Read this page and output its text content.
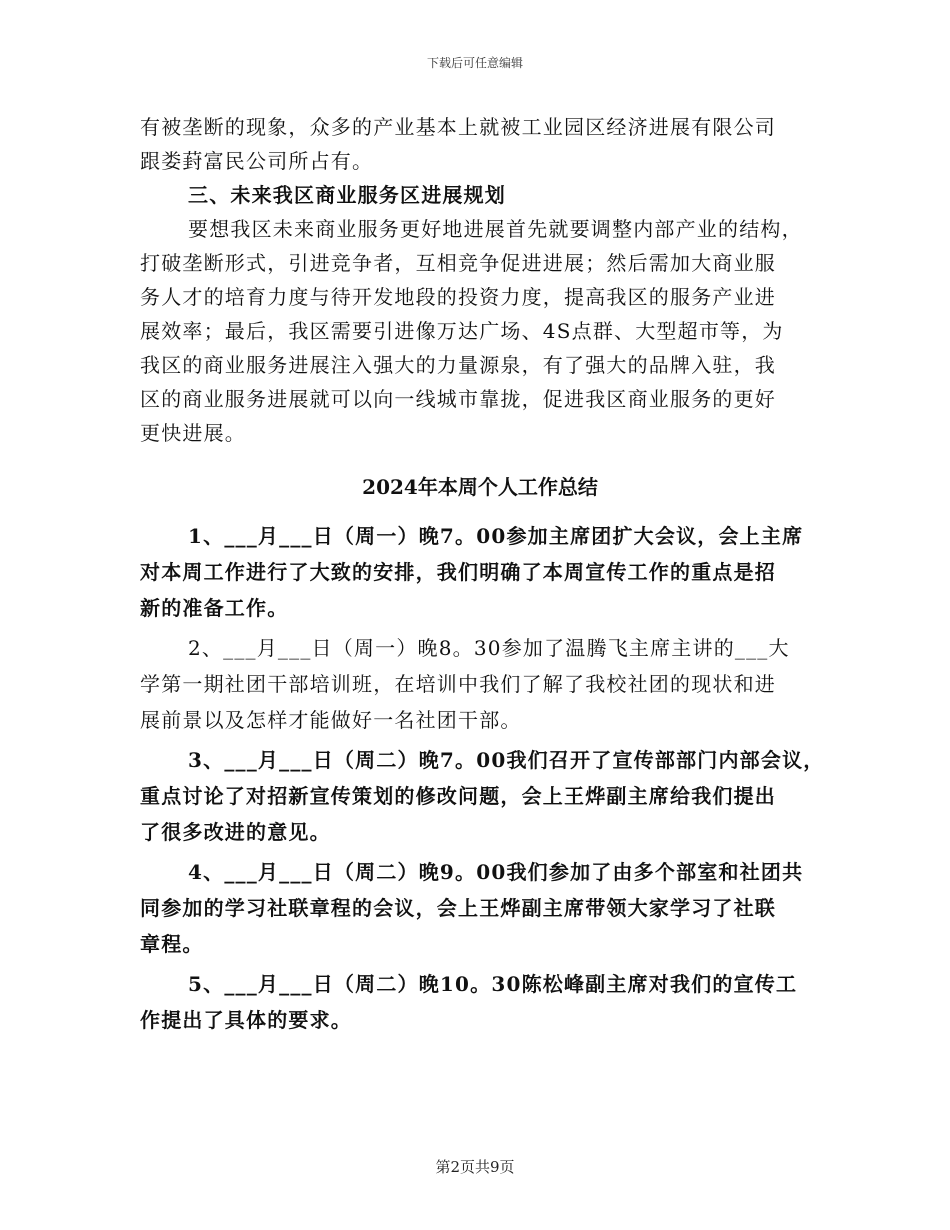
下载后可任意编辑
有被垄断的现象，众多的产业基本上就被工业园区经济进展有限公司
跟娄葑富民公司所占有。
三、未来我区商业服务区进展规划
要想我区未来商业服务更好地进展首先就要调整内部产业的结构，
打破垄断形式，引进竞争者，互相竞争促进进展；然后需加大商业服
务人才的培育力度与待开发地段的投资力度，提高我区的服务产业进
展效率；最后，我区需要引进像万达广场、4S点群、大型超市等，为
我区的商业服务进展注入强大的力量源泉，有了强大的品牌入驻，我
区的商业服务进展就可以向一线城市靠拢，促进我区商业服务的更好
更快进展。
2024年本周个人工作总结
1、___月___日（周一）晚7。00参加主席团扩大会议，会上主席
对本周工作进行了大致的安排，我们明确了本周宣传工作的重点是招
新的准备工作。
2、___月___日（周一）晚8。30参加了温腾飞主席主讲的___大
学第一期社团干部培训班，在培训中我们了解了我校社团的现状和进
展前景以及怎样才能做好一名社团干部。
3、___月___日（周二）晚7。00我们召开了宣传部部门内部会议，
重点讨论了对招新宣传策划的修改问题，会上王烨副主席给我们提出
了很多改进的意见。
4、___月___日（周二）晚9。00我们参加了由多个部室和社团共
同参加的学习社联章程的会议，会上王烨副主席带领大家学习了社联
章程。
5、___月___日（周二）晚10。30陈松峰副主席对我们的宣传工
作提出了具体的要求。
第2页共9页
